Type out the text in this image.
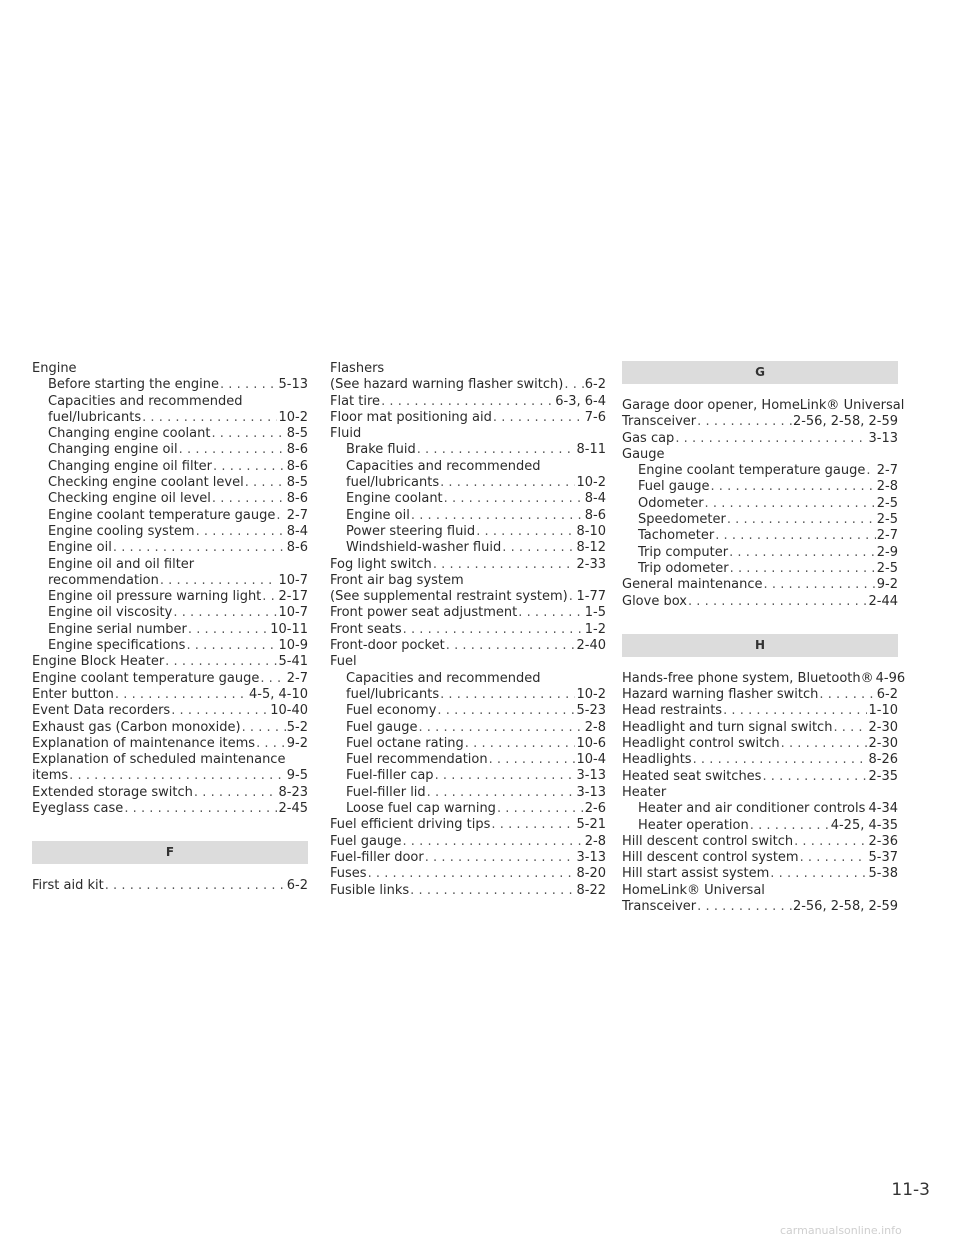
Engine
Before starting the engine .....	5-13
Capacities and recommended
fuel/lubricants .....	10-2
Changing engine coolant .....	8-5
Changing engine oil .....	8-6
Changing engine oil filter .....	8-6
Checking engine coolant level .....	8-5
Checking engine oil level .....	8-6
Engine coolant temperature gauge ..... 2-7
Engine cooling system .....	8-4
Engine oil .....	8-6
Engine oil and oil filter
recommendation .....	10-7
Engine oil pressure warning light ..... 2-17
Engine oil viscosity .....	10-7
Engine serial number .....	10-11
Engine specifications .....	10-9
Engine Block Heater .....	5-41
Engine coolant temperature gauge ..... 2-7
Enter button .....	4-5, 4-10
Event Data recorders .....	10-40
Exhaust gas (Carbon monoxide) .....	5-2
Explanation of maintenance items ..... 9-2
Explanation of scheduled maintenance
items .....	9-5
Extended storage switch .....	8-23
Eyeglass case .....	2-45
F
First aid kit .....	6-2
Flashers
(See hazard warning flasher switch) ..... 6-2
Flat tire .....	6-3, 6-4
Floor mat positioning aid .....	7-6
Fluid
Brake fluid .....	8-11
Capacities and recommended
fuel/lubricants .....	10-2
Engine coolant .....	8-4
Engine oil .....	8-6
Power steering fluid .....	8-10
Windshield-washer fluid .....	8-12
Fog light switch .....	2-33
Front air bag system
(See supplemental restraint system) ..... 1-77
Front power seat adjustment .....	1-5
Front seats .....	1-2
Front-door pocket .....	2-40
Fuel
Capacities and recommended
fuel/lubricants .....	10-2
Fuel economy .....	5-23
Fuel gauge .....	2-8
Fuel octane rating .....	10-6
Fuel recommendation .....	10-4
Fuel-filler cap .....	3-13
Fuel-filler lid .....	3-13
Loose fuel cap warning .....	2-6
Fuel efficient driving tips .....	5-21
Fuel gauge .....	2-8
Fuel-filler door .....	3-13
Fuses .....	8-20
Fusible links .....	8-22
G
Garage door opener, HomeLink® Universal
Transceiver .....	2-56, 2-58, 2-59
Gas cap .....	3-13
Gauge
Engine coolant temperature gauge ..... 2-7
Fuel gauge .....	2-8
Odometer .....	2-5
Speedometer .....	2-5
Tachometer .....	2-7
Trip computer .....	2-9
Trip odometer .....	2-5
General maintenance .....	9-2
Glove box .....	2-44
H
Hands-free phone system, Bluetooth® 4-96
Hazard warning flasher switch .....	6-2
Head restraints .....	1-10
Headlight and turn signal switch .....	2-30
Headlight control switch .....	2-30
Headlights .....	8-26
Heated seat switches .....	2-35
Heater
Heater and air conditioner controls ..... 4-34
Heater operation .....	4-25, 4-35
Hill descent control switch .....	2-36
Hill descent control system .....	5-37
Hill start assist system .....	5-38
HomeLink® Universal
Transceiver .....	2-56, 2-58, 2-59
11-3
carmanualsonline.info
